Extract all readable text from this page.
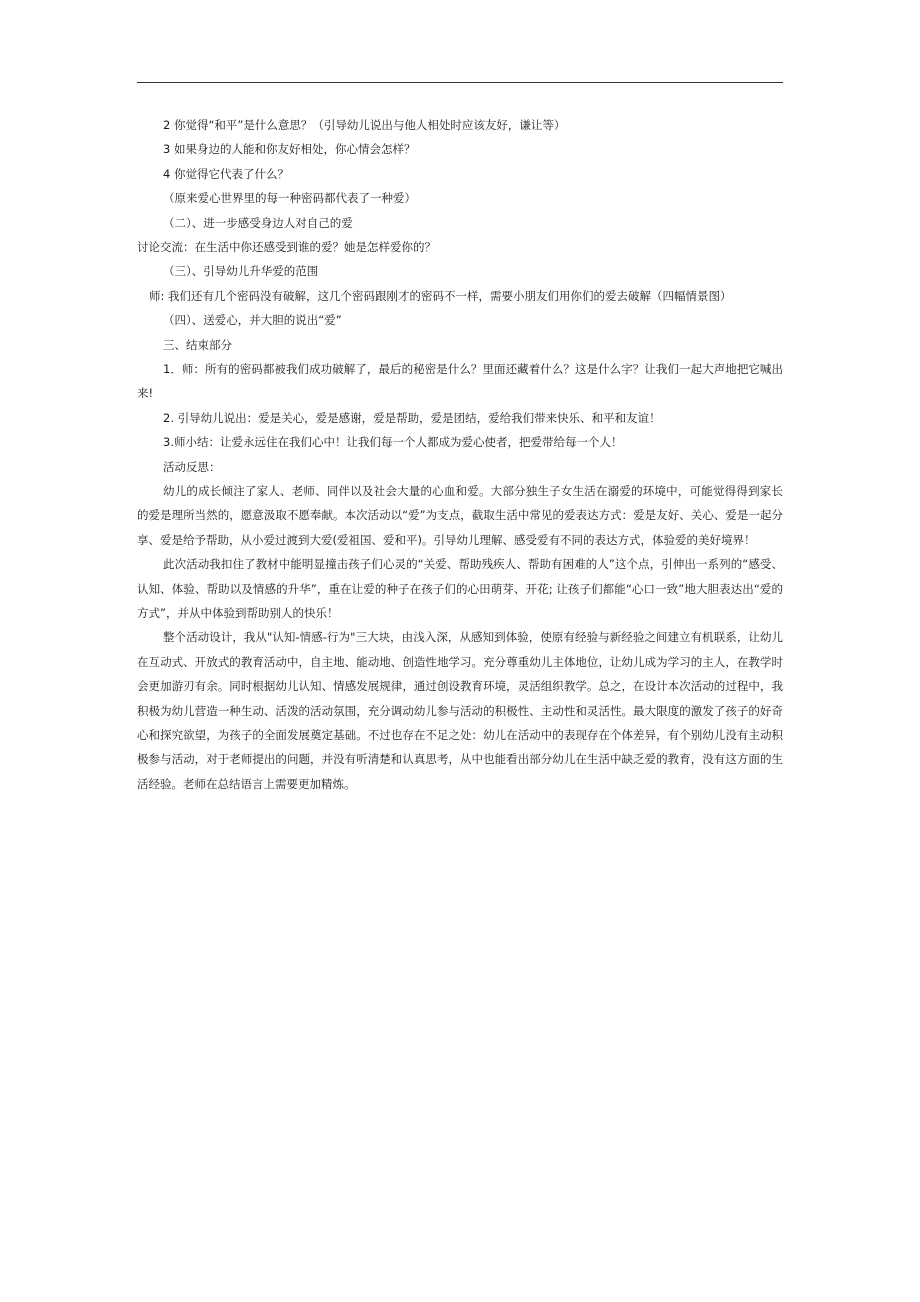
2 你觉得“和平”是什么意思？（引导幼儿说出与他人相处时应该友好，谦让等）
3 如果身边的人能和你友好相处，你心情会怎样？
4 你觉得它代表了什么？
（原来爱心世界里的每一种密码都代表了一种爱）
（二）、进一步感受身边人对自己的爱
讨论交流：在生活中你还感受到谁的爱？她是怎样爱你的？
（三）、引导幼儿升华爱的范围
师: 我们还有几个密码没有破解，这几个密码跟刚才的密码不一样，需要小朋友们用你们的爱去破解（四幅情景图）
（四）、送爱心，并大胆的说出“爱”
三、结束部分

1．师：所有的密码都被我们成功破解了，最后的秘密是什么？里面还藏着什么？这是什么字？让我们一起大声地把它喊出来!

2. 引导幼儿说出：爱是关心，爱是感谢，爱是帮助，爱是团结，爱给我们带来快乐、和平和友谊！

3.师小结：让爱永远住在我们心中！让我们每一个人都成为爱心使者，把爱带给每一个人！

活动反思：

幼儿的成长倾注了家人、老师、同伴以及社会大量的心血和爱。大部分独生子女生活在溺爱的环境中，可能觉得得到家长的爱是理所当然的，愿意汲取不愿奉献。本次活动以“爱”为支点，截取生活中常见的爱表达方式：爱是友好、关心、爱是一起分享、爱是给予帮助，从小爱过渡到大爱(爱祖国、爱和平)。引导幼儿理解、感受爱有不同的表达方式，体验爱的美好境界！

此次活动我扣住了教材中能明显撞击孩子们心灵的“关爱、帮助残疾人、帮助有困难的人”这个点，引伸出一系列的“感受、认知、体验、帮助以及情感的升华”，重在让爱的种子在孩子们的心田萌芽、开花; 让孩子们都能“心口一致”地大胆表达出“爱的方式”，并从中体验到帮助别人的快乐！

整个活动设计，我从"认知-情感-行为"三大块，由浅入深，从感知到体验，使原有经验与新经验之间建立有机联系，让幼儿在互动式、开放式的教育活动中，自主地、能动地、创造性地学习。充分尊重幼儿主体地位，让幼儿成为学习的主人，在教学时会更加游刃有余。同时根据幼儿认知、情感发展规律，通过创设教育环境，灵活组织教学。总之，在设计本次活动的过程中，我积极为幼儿营造一种生动、活泼的活动氛围，充分调动幼儿参与活动的积极性、主动性和灵活性。最大限度的激发了孩子的好奇心和探究欲望，为孩子的全面发展奠定基础。不过也存在不足之处：幼儿在活动中的表现存在个体差异，有个别幼儿没有主动积极参与活动，对于老师提出的问题，并没有听清楚和认真思考，从中也能看出部分幼儿在生活中缺乏爱的教育，没有这方面的生活经验。老师在总结语言上需要更加精炼。
